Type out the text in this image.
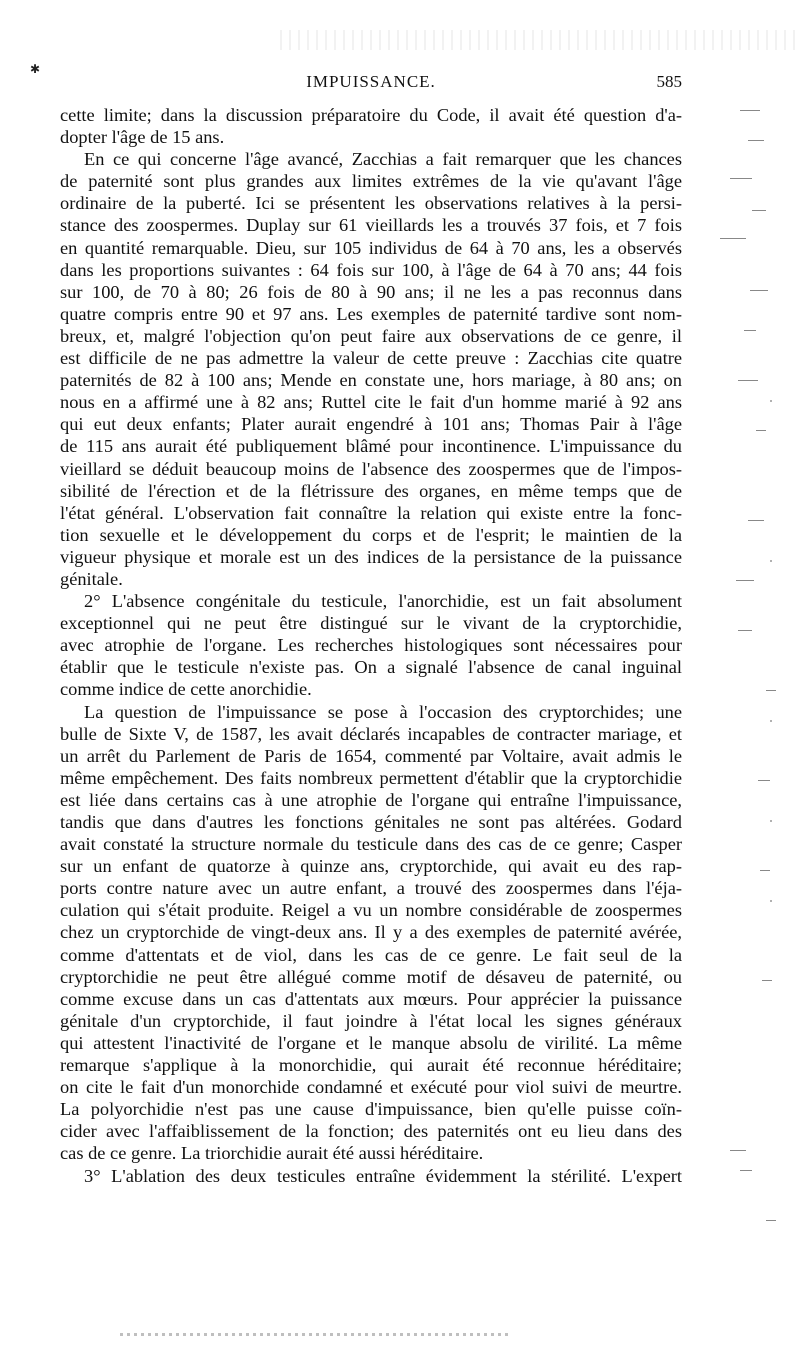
✱
IMPUISSANCE.	585
cette limite; dans la discussion préparatoire du Code, il avait été question d'a-
dopter l'âge de 15 ans.
En ce qui concerne l'âge avancé, Zacchias a fait remarquer que les chances
de paternité sont plus grandes aux limites extrêmes de la vie qu'avant l'âge
ordinaire de la puberté. Ici se présentent les observations relatives à la persi-
stance des zoospermes. Duplay sur 61 vieillards les a trouvés 37 fois, et 7 fois
en quantité remarquable. Dieu, sur 105 individus de 64 à 70 ans, les a observés
dans les proportions suivantes : 64 fois sur 100, à l'âge de 64 à 70 ans; 44 fois
sur 100, de 70 à 80; 26 fois de 80 à 90 ans; il ne les a pas reconnus dans
quatre compris entre 90 et 97 ans. Les exemples de paternité tardive sont nom-
breux, et, malgré l'objection qu'on peut faire aux observations de ce genre, il
est difficile de ne pas admettre la valeur de cette preuve : Zacchias cite quatre
paternités de 82 à 100 ans; Mende en constate une, hors mariage, à 80 ans; on
nous en a affirmé une à 82 ans; Ruttel cite le fait d'un homme marié à 92 ans
qui eut deux enfants; Plater aurait engendré à 101 ans; Thomas Pair à l'âge
de 115 ans aurait été publiquement blâmé pour incontinence. L'impuissance du
vieillard se déduit beaucoup moins de l'absence des zoospermes que de l'impos-
sibilité de l'érection et de la flétrissure des organes, en même temps que de
l'état général. L'observation fait connaître la relation qui existe entre la fonc-
tion sexuelle et le développement du corps et de l'esprit; le maintien de la
vigueur physique et morale est un des indices de la persistance de la puissance
génitale.
2° L'absence congénitale du testicule, l'anorchidie, est un fait absolument
exceptionnel qui ne peut être distingué sur le vivant de la cryptorchidie,
avec atrophie de l'organe. Les recherches histologiques sont nécessaires pour
établir que le testicule n'existe pas. On a signalé l'absence de canal inguinal
comme indice de cette anorchidie.
La question de l'impuissance se pose à l'occasion des cryptorchides; une
bulle de Sixte V, de 1587, les avait déclarés incapables de contracter mariage, et
un arrêt du Parlement de Paris de 1654, commenté par Voltaire, avait admis le
même empêchement. Des faits nombreux permettent d'établir que la cryptorchidie
est liée dans certains cas à une atrophie de l'organe qui entraîne l'impuissance,
tandis que dans d'autres les fonctions génitales ne sont pas altérées. Godard
avait constaté la structure normale du testicule dans des cas de ce genre; Casper
sur un enfant de quatorze à quinze ans, cryptorchide, qui avait eu des rap-
ports contre nature avec un autre enfant, a trouvé des zoospermes dans l'éja-
culation qui s'était produite. Reigel a vu un nombre considérable de zoospermes
chez un cryptorchide de vingt-deux ans. Il y a des exemples de paternité avérée,
comme d'attentats et de viol, dans les cas de ce genre. Le fait seul de la
cryptorchidie ne peut être allégué comme motif de désaveu de paternité, ou
comme excuse dans un cas d'attentats aux mœurs. Pour apprécier la puissance
génitale d'un cryptorchide, il faut joindre à l'état local les signes généraux
qui attestent l'inactivité de l'organe et le manque absolu de virilité. La même
remarque s'applique à la monorchidie, qui aurait été reconnue héréditaire;
on cite le fait d'un monorchide condamné et exécuté pour viol suivi de meurtre.
La polyorchidie n'est pas une cause d'impuissance, bien qu'elle puisse coïn-
cider avec l'affaiblissement de la fonction; des paternités ont eu lieu dans des
cas de ce genre. La triorchidie aurait été aussi héréditaire.
3° L'ablation des deux testicules entraîne évidemment la stérilité. L'expert
